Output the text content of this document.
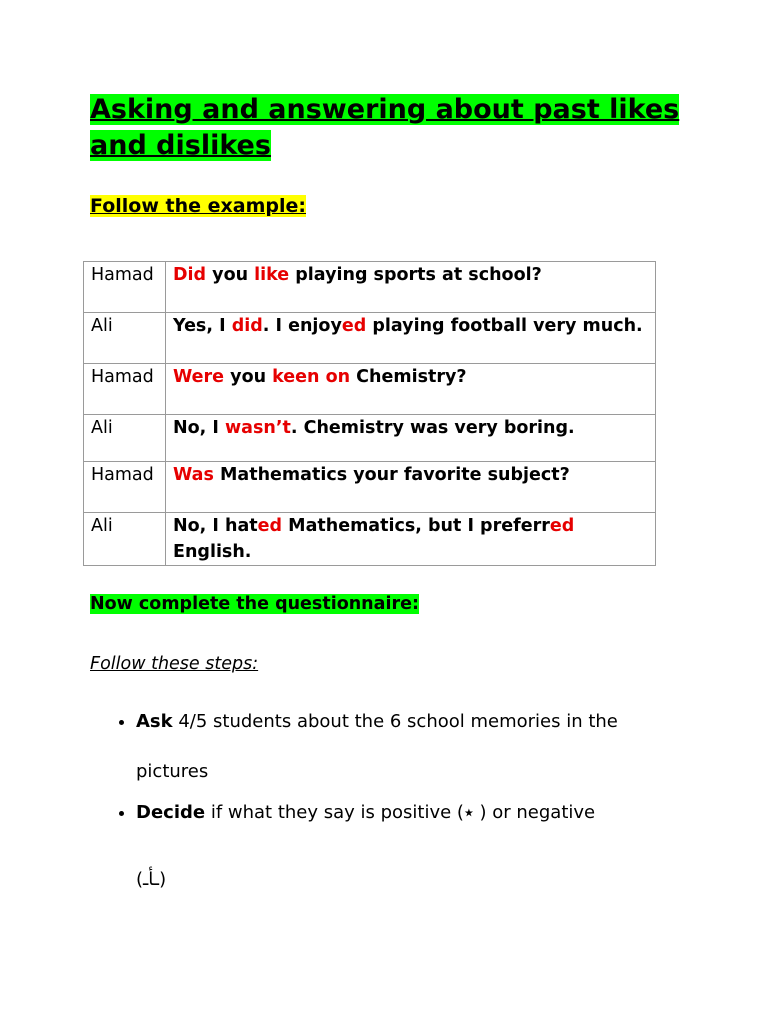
Asking and answering about past likes and dislikes

Follow the example:

Hamad	Did you like playing sports at school?
Ali	Yes, I did. I enjoyed playing football very much.
Hamad	Were you keen on Chemistry?
Ali	No, I wasn’t. Chemistry was very boring.
Hamad	Was Mathematics your favorite subject?
Ali	No, I hated Mathematics, but I preferred English.

Now complete the questionnaire:

Follow these steps:

• Ask 4/5 students about the 6 school memories in the
pictures
• Decide if what they say is positive (٭ ) or negative
(ـأـ)
